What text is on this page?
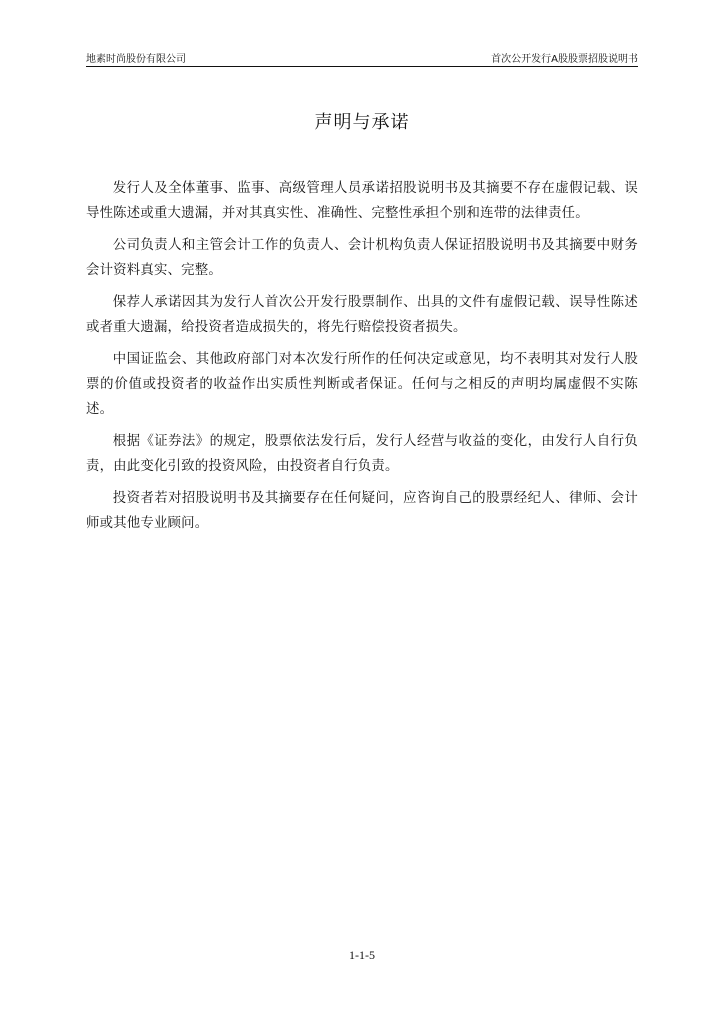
地素时尚股份有限公司	首次公开发行A股股票招股说明书
声明与承诺

发行人及全体董事、监事、高级管理人员承诺招股说明书及其摘要不存在虚假记载、误导性陈述或重大遗漏，并对其真实性、准确性、完整性承担个别和连带的法律责任。

公司负责人和主管会计工作的负责人、会计机构负责人保证招股说明书及其摘要中财务会计资料真实、完整。

保荐人承诺因其为发行人首次公开发行股票制作、出具的文件有虚假记载、误导性陈述或者重大遗漏，给投资者造成损失的，将先行赔偿投资者损失。

中国证监会、其他政府部门对本次发行所作的任何决定或意见，均不表明其对发行人股票的价值或投资者的收益作出实质性判断或者保证。任何与之相反的声明均属虚假不实陈述。

根据《证券法》的规定，股票依法发行后，发行人经营与收益的变化，由发行人自行负责，由此变化引致的投资风险，由投资者自行负责。

投资者若对招股说明书及其摘要存在任何疑问，应咨询自己的股票经纪人、律师、会计师或其他专业顾问。

1-1-5
